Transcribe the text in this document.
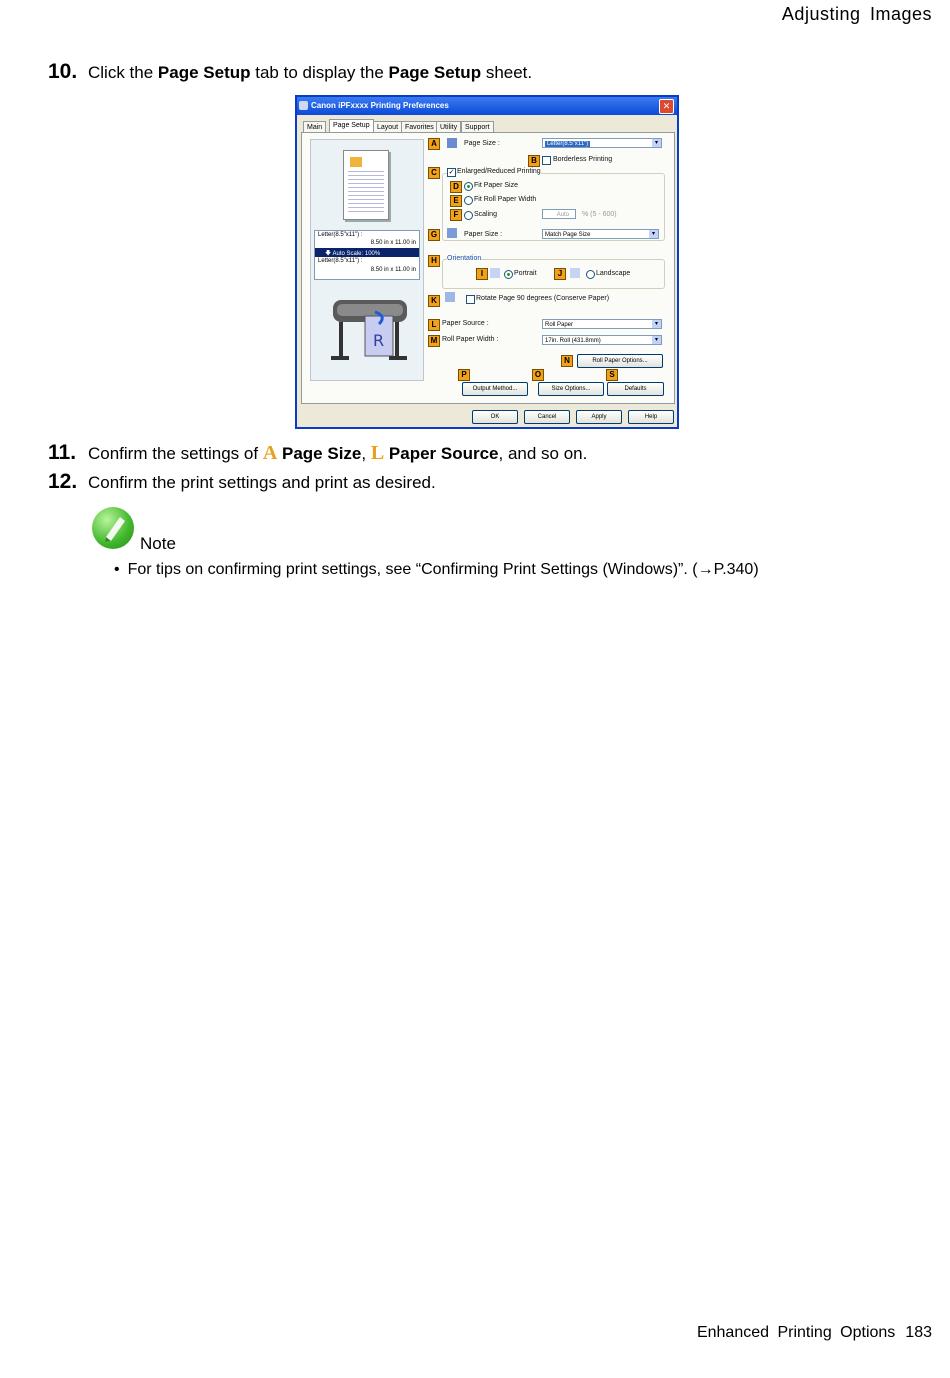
Adjusting Images
10. Click the Page Setup tab to display the Page Setup sheet.
Canon iPFxxxx Printing Preferences	✕
Main	Page Setup	Layout Favorites Utility	Support
Letter(8.5"x11") :
8.50 in x 11.00 in
🡇 Auto Scale: 100%
Letter(8.5"x11") :
8.50 in x 11.00 in
R
A	Page Size :	Letter(8.5"x11")	▾
B	Borderless Printing
C	✓ Enlarged/Reduced Printing
D	Fit Paper Size
E	Fit Roll Paper Width
F	Scaling	Auto	% (5 - 600)
G	Paper Size :	Match Page Size	▾
H	Orientation
I	Portrait	J	Landscape
K	Rotate Page 90 degrees (Conserve Paper)
L Paper Source :	Roll Paper	▾
M Roll Paper Width :	17in. Roll (431.8mm)	▾
N	Roll Paper Options...
P	O	S
Output Method...	Size Options...	Defaults
OK	Cancel	Apply	Help
11. Confirm the settings of A Page Size, L Paper Source, and so on.
12. Confirm the print settings and print as desired.
Note
• For tips on confirming print settings, see “Confirming Print Settings (Windows)”. (→P.340)
Enhanced Printing Options 183
